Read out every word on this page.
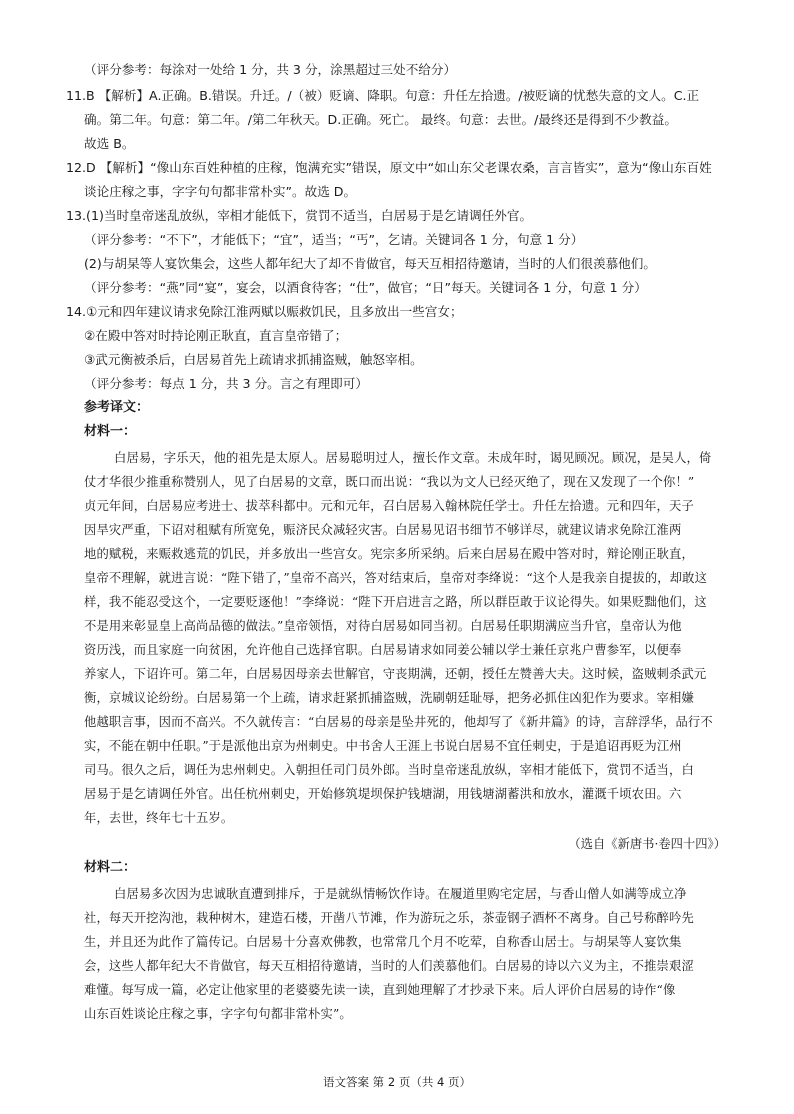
（评分参考：每涂对一处给 1 分，共 3 分，涂黑超过三处不给分）
11.B 【解析】A.正确。B.错误。升迁。/（被）贬谪、降职。句意：升任左拾遗。/被贬谪的忧愁失意的文人。C.正
确。第二年。句意：第二年。/第二年秋天。D.正确。死亡。 最终。句意：去世。/最终还是得到不少教益。
故选 B。
12.D 【解析】“像山东百姓种植的庄稼，饱满充实”错误，原文中“如山东父老课农桑，言言皆实”，意为“像山东百姓
谈论庄稼之事，字字句句都非常朴实”。故选 D。
13.(1)当时皇帝迷乱放纵，宰相才能低下，赏罚不适当，白居易于是乞请调任外官。
（评分参考：“不下”，才能低下；“宜”，适当；“丐”，乞请。关键词各 1 分，句意 1 分）
(2)与胡杲等人宴饮集会，这些人都年纪大了却不肯做官，每天互相招待邀请，当时的人们很羡慕他们。
（评分参考：“燕”同“宴”，宴会，以酒食待客；“仕”，做官；“日”每天。关键词各 1 分，句意 1 分）
14.①元和四年建议请求免除江淮两赋以赈救饥民，且多放出一些宫女；
②在殿中答对时持论刚正耿直，直言皇帝错了；
③武元衡被杀后，白居易首先上疏请求抓捕盗贼，触怒宰相。
（评分参考：每点 1 分，共 3 分。言之有理即可）
参考译文：
材料一：
白居易，字乐天，他的祖先是太原人。居易聪明过人，擅长作文章。未成年时，谒见顾况。顾况，是吴人，倚
仗才华很少推重称赞别人，见了白居易的文章，既口而出说：“我以为文人已经灭绝了，现在又发现了一个你！”
贞元年间，白居易应考进士、拔萃科都中。元和元年，召白居易入翰林院任学士。升任左拾遗。元和四年，天子
因旱灾严重，下诏对租赋有所宽免，赈济民众减轻灾害。白居易见诏书细节不够详尽，就建议请求免除江淮两
地的赋税，来赈救逃荒的饥民，并多放出一些宫女。宪宗多所采纳。后来白居易在殿中答对时，辩论刚正耿直，
皇帝不理解，就进言说：“陛下错了，”皇帝不高兴，答对结束后，皇帝对李绛说：“这个人是我亲自提拔的，却敢这
样，我不能忍受这个，一定要贬逐他！”李绛说：“陛下开启进言之路，所以群臣敢于议论得失。如果贬黜他们，这
不是用来彰显皇上高尚品德的做法。”皇帝领悟，对待白居易如同当初。白居易任职期满应当升官，皇帝认为他
资历浅，而且家庭一向贫困，允许他自己选择官职。白居易请求如同姜公辅以学士兼任京兆户曹参军，以便奉
养家人，下诏许可。第二年，白居易因母亲去世解官，守丧期满，还朝，授任左赞善大夫。这时候，盗贼刺杀武元
衡，京城议论纷纷。白居易第一个上疏，请求赶紧抓捕盗贼，洗刷朝廷耻辱，把务必抓住凶犯作为要求。宰相嫌
他越职言事，因而不高兴。不久就传言：“白居易的母亲是坠井死的，他却写了《新井篇》的诗，言辞浮华，品行不
实，不能在朝中任职。”于是派他出京为州刺史。中书舍人王涯上书说白居易不宜任刺史，于是追诏再贬为江州
司马。很久之后，调任为忠州刺史。入朝担任司门员外郎。当时皇帝迷乱放纵，宰相才能低下，赏罚不适当，白
居易于是乞请调任外官。出任杭州刺史，开始修筑堤坝保护钱塘湖，用钱塘湖蓄洪和放水，灌溉千顷农田。六
年，去世，终年七十五岁。
材料二：
白居易多次因为忠诚耿直遭到排斥，于是就纵情畅饮作诗。在履道里购宅定居，与香山僧人如满等成立净
社，每天开挖沟池，栽种树木，建造石楼，开凿八节滩，作为游玩之乐，茶壶钢子酒杯不离身。自己号称醉吟先
生，并且还为此作了篇传记。白居易十分喜欢佛教，也常常几个月不吃荤，自称香山居士。与胡杲等人宴饮集
会，这些人都年纪大不肯做官，每天互相招待邀请，当时的人们羡慕他们。白居易的诗以六义为主，不推崇艰涩
难懂。每写成一篇，必定让他家里的老婆婆先读一读，直到她理解了才抄录下来。后人评价白居易的诗作“像
山东百姓谈论庄稼之事，字字句句都非常朴实”。
（选自《新唐书·卷四十四》）
语文答案 第 2 页（共 4 页）
